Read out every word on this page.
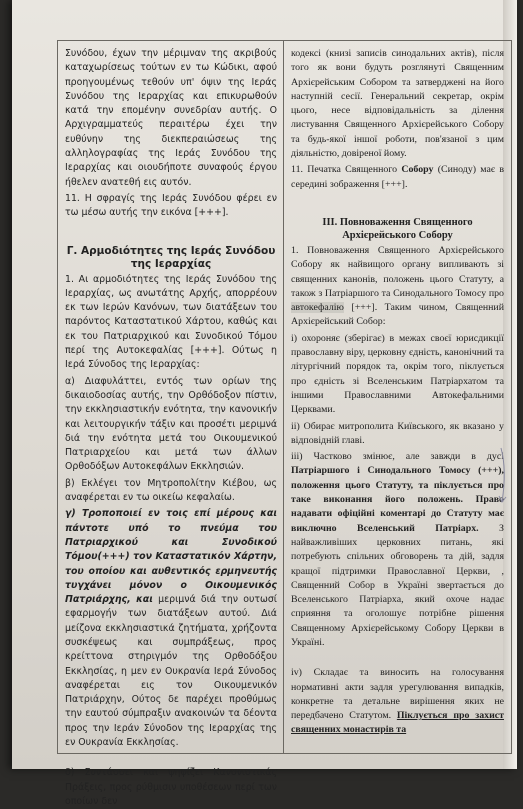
Συνόδου, έχων την μέριμναν της ακριβούς καταχωρίσεως τούτων εν τω Κώδικι, αφού προηγουμένως τεθούν υπ' όψιν της Ιεράς Συνόδου της Ιεραρχίας και επικυρωθούν κατά την επομένην συνεδρίαν αυτής. Ο Αρχιγραμματεύς περαιτέρω έχει την ευθύνην της διεκπεραιώσεως της αλληλογραφίας της Ιεράς Συνόδου της Ιεραρχίας και οιουδήποτε συναφούς έργου ήθελεν ανατεθή εις αυτόν.

11. Η σφραγίς της Ιεράς Συνόδου φέρει εν τω μέσω αυτής την εικόνα [+++].

Γ. Αρμοδιότητες της Ιεράς Συνόδου της Ιεραρχίας

1. Αι αρμοδιότητες της Ιεράς Συνόδου της Ιεραρχίας, ως ανωτάτης Αρχής, απορρέουν εκ των Ιερών Κανόνων, των διατάξεων του παρόντος Καταστατικού Χάρτου, καθώς και εκ του Πατριαρχικού και Συνοδικού Τόμου περί της Αυτοκεφαλίας [+++]. Ούτως η Ιερά Σύνοδος της Ιεραρχίας:

α) Διαφυλάττει, εντός των ορίων της δικαιοδοσίας αυτής, την Ορθόδοξον πίστιν, την εκκλησιαστικήν ενότητα, την κανονικήν και λειτουργικήν τάξιν και προσέτι μεριμνά διά την ενότητα μετά του Οικουμενικού Πατριαρχείου και μετά των άλλων Ορθοδόξων Αυτοκεφάλων Εκκλησιών.

β) Εκλέγει τον Μητροπολίτην Κιέβου, ως αναφέρεται εν τω οικείω κεφαλαίω.

γ) Τροποποιεί εν τοις επί μέρους και πάντοτε υπό το πνεύμα του Πατριαρχικού και Συνοδικού Τόμου(+++) τον Καταστατικόν Χάρτην, του οποίου και αυθεντικός ερμηνευτής τυγχάνει μόνον ο Οικουμενικός Πατριάρχης, και μεριμνά διά την ουτωσί εφαρμογήν των διατάξεων αυτού. Διά μείζονα εκκλησιαστικά ζητήματα, χρήζοντα συσκέψεως και συμπράξεως, προς κρείττονα στηριγμόν της Ορθοδόξου Εκκλησίας, η μεν εν Ουκρανία Ιερά Σύνοδος αναφέρεται εις τον Οικουμενικόν Πατριάρχην, Ούτος δε παρέχει προθύμως την εαυτού σύμπραξιν ανακοινών τα δέοντα προς την Ιεράν Σύνοδον της Ιεραρχίας της εν Ουκρανία Εκκλησίας.

δ) Συντάσσει και ψηφίζει Κανονιστικάς Πράξεις, προς ρύθμισιν υποθέσεων περί των οποίων δεν

кодексі (книзі записів синодальних актів), після того як вони будуть розглянуті Священним Архієрейським Собором та затверджені на його наступній сесії. Генеральний секретар, окрім цього, несе відповідальність за ділення листування Священного Архієрейського Собору та будь-якої іншої роботи, пов'язаної з цим діяльністю, довіреної йому.

11. Печатка Священного Собору (Синоду) має в середині зображення [+++].

III. Повноваження Священного

Архієрейського Собору

1. Повноваження Священного Архієрейського Собору як найвищого органу випливають зі священних канонів, положень цього Статуту, а також з Патріаршого та Синодального Томосу про автокефалію [+++]. Таким чином, Священний Архієрейський Собор:

і) охороняє (зберігає) в межах своєї юрисдикції православну віру, церковну єдність, канонічний та літургічний порядок та, окрім того, піклується про єдність зі Вселенським Патріархатом та іншими Православними Автокефальними Церквами.

іі) Обирає митрополита Київського, як вказано у відповідній главі.

ііі) Частково змінює, але завжди в дусі Патріаршого і Синодального Томосу (+++), положення цього Статуту, та піклується про таке виконання його положень. Право надавати офіційні коментарі до Статуту має виключно Вселенський Патріарх. З найважливіших церковних питань, які потребують спільних обговорень та дій, задля кращої підтримки Православної Церкви, , Священний Собор в Україні звертається до Вселенського Патріарха, який охоче надає сприяння та оголошує потрібне рішення Священному Архієрейському Собору Церкви в Україні.

іv) Складає та виносить на голосування нормативні акти задля урегулювання випадків, конкретне та детальне вирішення яких не передбачено Статутом. Піклується про захист священних монастирів та
